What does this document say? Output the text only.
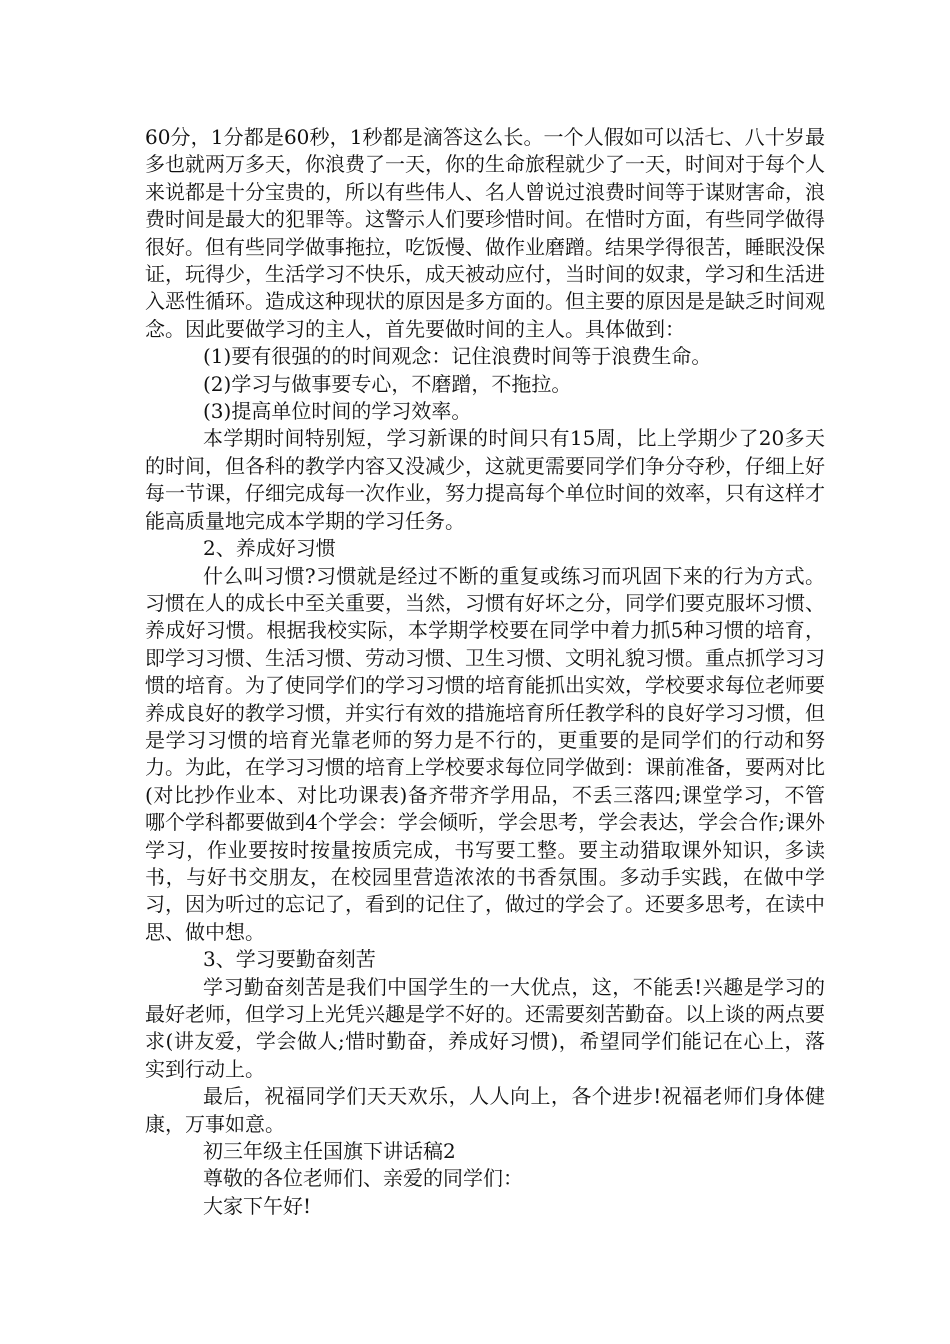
60分，1分都是60秒，1秒都是滴答这么长。一个人假如可以活七、八十岁最多也就两万多天，你浪费了一天，你的生命旅程就少了一天，时间对于每个人来说都是十分宝贵的，所以有些伟人、名人曾说过浪费时间等于谋财害命，浪费时间是最大的犯罪等。这警示人们要珍惜时间。在惜时方面，有些同学做得很好。但有些同学做事拖拉，吃饭慢、做作业磨蹭。结果学得很苦，睡眠没保证，玩得少，生活学习不快乐，成天被动应付，当时间的奴隶，学习和生活进入恶性循环。造成这种现状的原因是多方面的。但主要的原因是是缺乏时间观念。因此要做学习的主人，首先要做时间的主人。具体做到：

(1)要有很强的的时间观念：记住浪费时间等于浪费生命。

(2)学习与做事要专心，不磨蹭，不拖拉。

(3)提高单位时间的学习效率。

本学期时间特别短，学习新课的时间只有15周，比上学期少了20多天的时间，但各科的教学内容又没减少，这就更需要同学们争分夺秒，仔细上好每一节课，仔细完成每一次作业，努力提高每个单位时间的效率，只有这样才能高质量地完成本学期的学习任务。

2、养成好习惯

什么叫习惯?习惯就是经过不断的重复或练习而巩固下来的行为方式。习惯在人的成长中至关重要，当然，习惯有好坏之分，同学们要克服坏习惯、养成好习惯。根据我校实际，本学期学校要在同学中着力抓5种习惯的培育，即学习习惯、生活习惯、劳动习惯、卫生习惯、文明礼貌习惯。重点抓学习习惯的培育。为了使同学们的学习习惯的培育能抓出实效，学校要求每位老师要养成良好的教学习惯，并实行有效的措施培育所任教学科的良好学习习惯，但是学习习惯的培育光靠老师的努力是不行的，更重要的是同学们的行动和努力。为此，在学习习惯的培育上学校要求每位同学做到：课前准备，要两对比(对比抄作业本、对比功课表)备齐带齐学用品，不丢三落四;课堂学习，不管哪个学科都要做到4个学会：学会倾听，学会思考，学会表达，学会合作;课外学习，作业要按时按量按质完成，书写要工整。要主动猎取课外知识，多读书，与好书交朋友，在校园里营造浓浓的书香氛围。多动手实践，在做中学习，因为听过的忘记了，看到的记住了，做过的学会了。还要多思考，在读中思、做中想。

3、学习要勤奋刻苦

学习勤奋刻苦是我们中国学生的一大优点，这，不能丢!兴趣是学习的最好老师，但学习上光凭兴趣是学不好的。还需要刻苦勤奋。以上谈的两点要求(讲友爱，学会做人;惜时勤奋，养成好习惯)，希望同学们能记在心上，落实到行动上。

最后，祝福同学们天天欢乐，人人向上，各个进步!祝福老师们身体健康，万事如意。

初三年级主任国旗下讲话稿2

尊敬的各位老师们、亲爱的同学们：

大家下午好!
